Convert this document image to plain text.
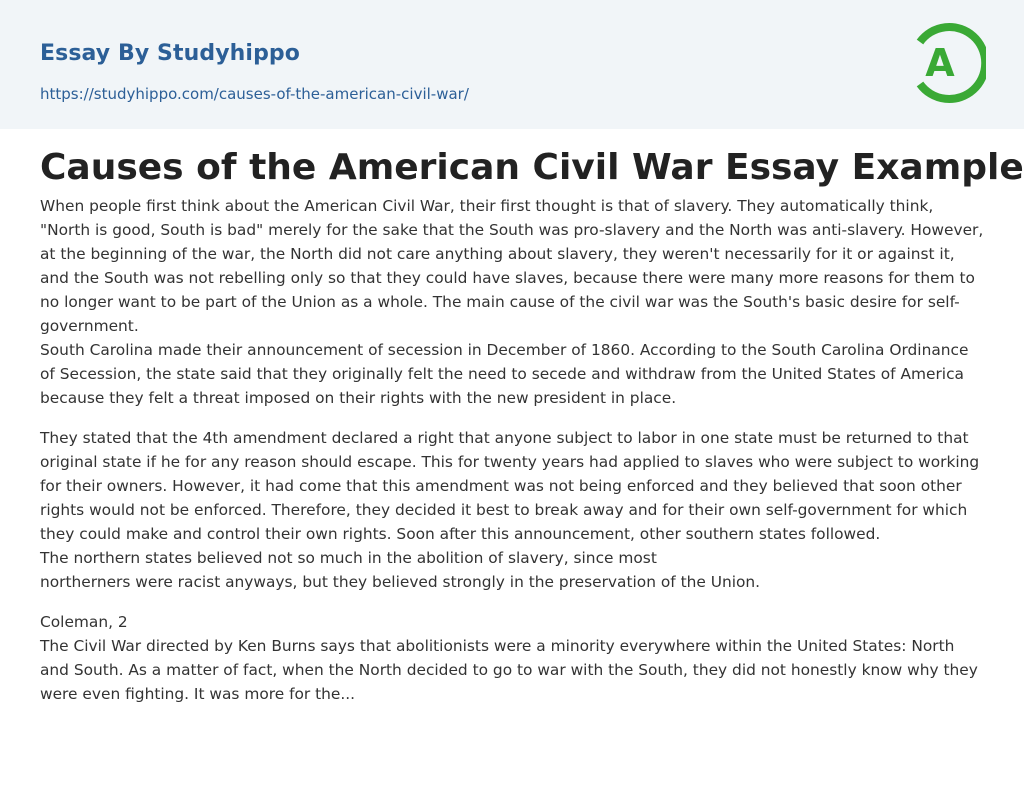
Essay By Studyhippo
https://studyhippo.com/causes-of-the-american-civil-war/
A
Causes of the American Civil War Essay Example

When people first think about the American Civil War, their first thought is that of slavery. They automatically think, "North is good, South is bad" merely for the sake that the South was pro-slavery and the North was anti-slavery. However, at the beginning of the war, the North did not care anything about slavery, they weren't necessarily for it or against it, and the South was not rebelling only so that they could have slaves, because there were many more reasons for them to no longer want to be part of the Union as a whole. The main cause of the civil war was the South's basic desire for self-government.

South Carolina made their announcement of secession in December of 1860. According to the South Carolina Ordinance of Secession, the state said that they originally felt the need to secede and withdraw from the United States of America because they felt a threat imposed on their rights with the new president in place.

They stated that the 4th amendment declared a right that anyone subject to labor in one state must be returned to that original state if he for any reason should escape. This for twenty years had applied to slaves who were subject to working for their owners. However, it had come that this amendment was not being enforced and they believed that soon other rights would not be enforced. Therefore, they decided it best to break away and for their own self-government for which they could make and control their own rights. Soon after this announcement, other southern states followed.

The northern states believed not so much in the abolition of slavery, since most

northerners were racist anyways, but they believed strongly in the preservation of the Union.

Coleman, 2

The Civil War directed by Ken Burns says that abolitionists were a minority everywhere within the United States: North and South. As a matter of fact, when the North decided to go to war with the South, they did not honestly know why they were even fighting. It was more for the...
